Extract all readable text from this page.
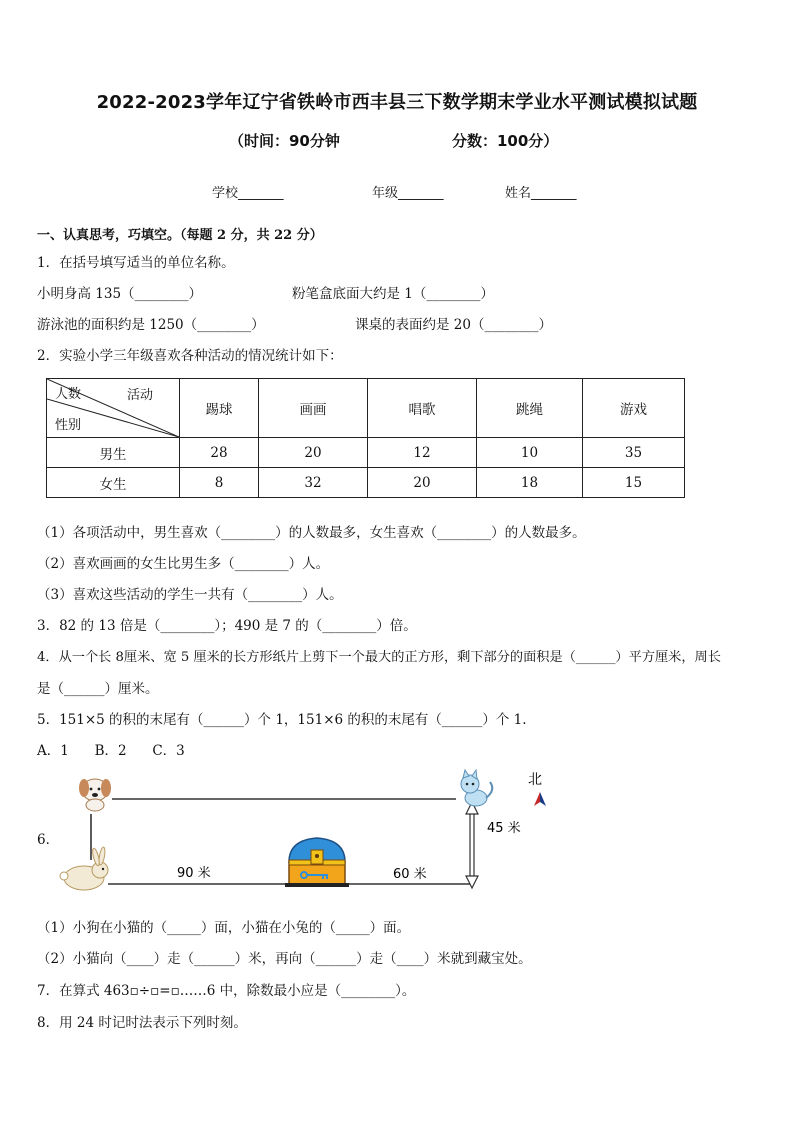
2022-2023学年辽宁省铁岭市西丰县三下数学期末学业水平测试模拟试题
（时间：90分钟	分数：100分）
学校_______	年级_______	姓名_______
一、认真思考，巧填空。（每题 2 分，共 22 分）
1．在括号填写适当的单位名称。
小明身高 135（________）	粉笔盒底面大约是 1（________）
游泳池的面积约是 1250（________）	课桌的表面约是 20（________）
2．实验小学三年级喜欢各种活动的情况统计如下：
人数 活动
性别	踢球	画画	唱歌	跳绳	游戏
男生	28	20	12	10	35
女生	8	32	20	18	15
（1）各项活动中，男生喜欢（________）的人数最多，女生喜欢（________）的人数最多。
（2）喜欢画画的女生比男生多（________）人。
（3）喜欢这些活动的学生一共有（________）人。
3．82 的 13 倍是（________）；490 是 7 的（________）倍。
4．从一个长 8厘米、宽 5 厘米的长方形纸片上剪下一个最大的正方形，剩下部分的面积是（______）平方厘米，周长
是（______）厘米。
5．151×5 的积的末尾有（______）个 1，151×6 的积的末尾有（______）个 1.
A．1      B．2      C．3
6．
北
45 米
90 米	60 米
（1）小狗在小猫的（_____）面，小猫在小兔的（_____）面。
（2）小猫向（____）走（______）米，再向（______）走（____）米就到藏宝处。
7．在算式 463▫÷▫=▫……6 中，除数最小应是（________）。
8．用 24 时记时法表示下列时刻。
